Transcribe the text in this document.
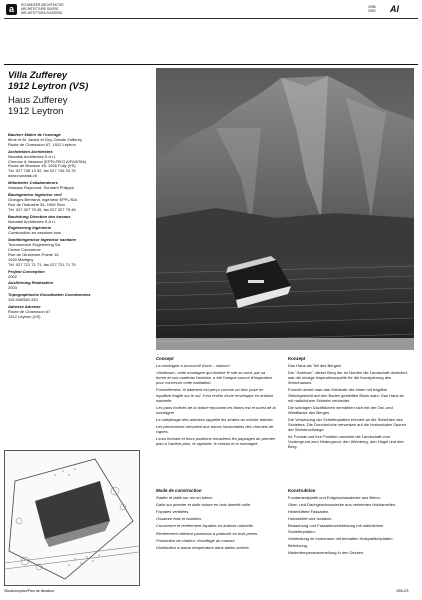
a	SCHWEIZER ARCHITEKTUR
ARCHITECTURE SUISSE
ARCHITETTURA SVIZZERA
1998
2000 AI
Villa Zufferey
1912 Leytron (VS)
Haus Zufferey
1912 Leytron
Bauherr Maître de l'ouvrage
Mme et M. Janick et Guy-Claude Zufferey
Route de Chamoson 67, 1912 Leytron
Architekten Architectes
Nunatak Architectes S.à r.l.
Chervaz & Vassaux (EPFL/REG A/FAS/SIA)
Route de Branson 45, 1926 Fully (VS)
Tél. 027 746 13 32, fax 027 746 33 75
www.nunatak.ch
Mitarbeiter Collaborateurs
Vassaux Raymond, Sorufant Philippe
Bauingenieur Ingénieur civil
Granges Bertrand, ingénieur EPFL/SIA
Rue de l'Industrie 54, 1950 Sion
Tél. 027 327 75 45, fax 027 327 75 46
Bauleitung Direction des travaux
Nunatak Architectes S.à r.l.
Engineering Ingénierie
Construction en ossature bois
Sanitäringenieur Ingénieur sanitaire
Tecnoservice Engineering SA
Centre Commerce
Rue de l'Ancienne-Pointe 16
1920 Martigny
Tél. 027 721 71 71, fax 027 721 71 75
Projekt Conception
2002
Ausführung Réalisation
2003
Topographische Koordinaten Coordonnées
115.540/582.430
Adresse Adresse
Route de Chamoson 67
1912 Leytron (VS)
Concept

La montagne a accouché d'une…maison!

«Ardévaz», cette montagne qui domine le site au nord, par sa forme et son matériau l'ardoise, a été l'unique source d'inspiration pour concevoir cette habitation.

Formellement, le bâtiment est perçu comme un bloc posé en équilibre fragile sur le sol. Il est revêtu d'une enveloppe en ardoise naturelle.

Les pans inclinés de la toiture épousent les flancs est et ouest de la montagne.

Le calepinage des ardoises rappelle les strates du schiste ardoisé.

Les percements renvoient aux traces horizontales des chemins de vignes.

Leurs formats et leurs positions encadrent les paysages du premier plan à l'arrière-plan, le vignoble, le coteau et la montagne.

Mode de construction

Radier et dalle sur rez en béton.

Dalle sur premier et dalle toiture en bois lamellé-collé.

Façades ventilées.

Ossature bois et isolation.

Couverture et revêtement façades en ardoise naturelle.

Revêtement intérieur panneaux à particule en bois peints.

Production de chaleur: chauffage au mazout.

Distribution à basse température dans dalles actives.

Konzept

Das Haus als Teil des Berges!

Der "Ardévaz", dieser Berg der im Norden die Landschaft dominiert, war die einzige Inspirationsquelle für die Konzipierung des Wohnhauses.

Formell nimmt man das Gebäude wie einen mit fragilem Gleichgewicht auf den Boden gestellten Block wahr. Das Haus ist mit natürlichem Schiefer verkleidet.

Die schrägen Dachflächen vermählen sich mit der Ost- und Westflanke des Berges.

Die Versetzung der Schieferplatten erinnert an die Schichten des Schiefers. Die Durchbrüche verweisen auf die horizontalen Spuren der Steinbruchwege.

Ihr Format und ihre Position umrahmt die Landschaft vom Vordergrund zum Hintergrund: den Weinberg, den Hügel und den Berg.

Konstruktion

Fundamentplatte und Erdgeschossdecke aus Beton.

Ober- und Dachgeschossdecke aus verleimten Holzlamellen.

Hinterlüftete Fassaden.

Holzskelett und Isolation.

Bedachung und Fassadenverkleidung mit natürlichem Schieferplatten.

Verkleidung im Innenraum mit bemalten Holzpartikelplatten.

Beheizung.

Niedertemperaturverteilung in den Decken.

Situationsplan/Plan de situation	158-23
